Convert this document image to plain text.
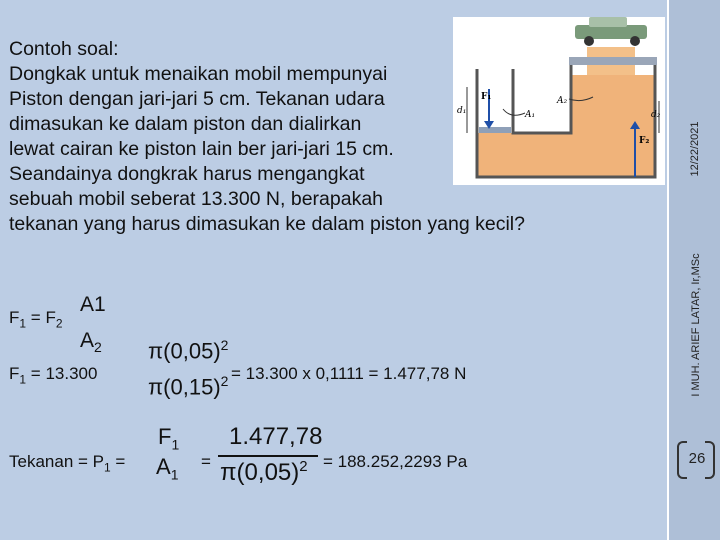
12/22/2021
I MUH. ARIEF LATAR, Ir,MSc
26
d₁	d₂
F₁
F₂
A₁
A₂
Contoh soal:
Dongkak untuk menaikan mobil mempunyai
Piston dengan jari-jari 5 cm. Tekanan udara
dimasukan ke dalam piston dan dialirkan
lewat cairan ke piston lain ber jari-jari 15 cm.
Seandainya dongkrak harus mengangkat
sebuah mobil seberat 13.300 N, berapakah
tekanan yang harus dimasukan ke dalam piston yang kecil?
$F_1 = F_2$
A1
$A_2$
$F_1 = 13.300$
$\pi(0,05)^2$
$\pi(0,15)^2 = 13.300$ x 0,1111 = 1.477,78 N
Tekanan = $P_1$ =
$F_1$
$A_1$
=
1.477,78
$\pi(0,05)^2 = 188.252,2293$ Pa
